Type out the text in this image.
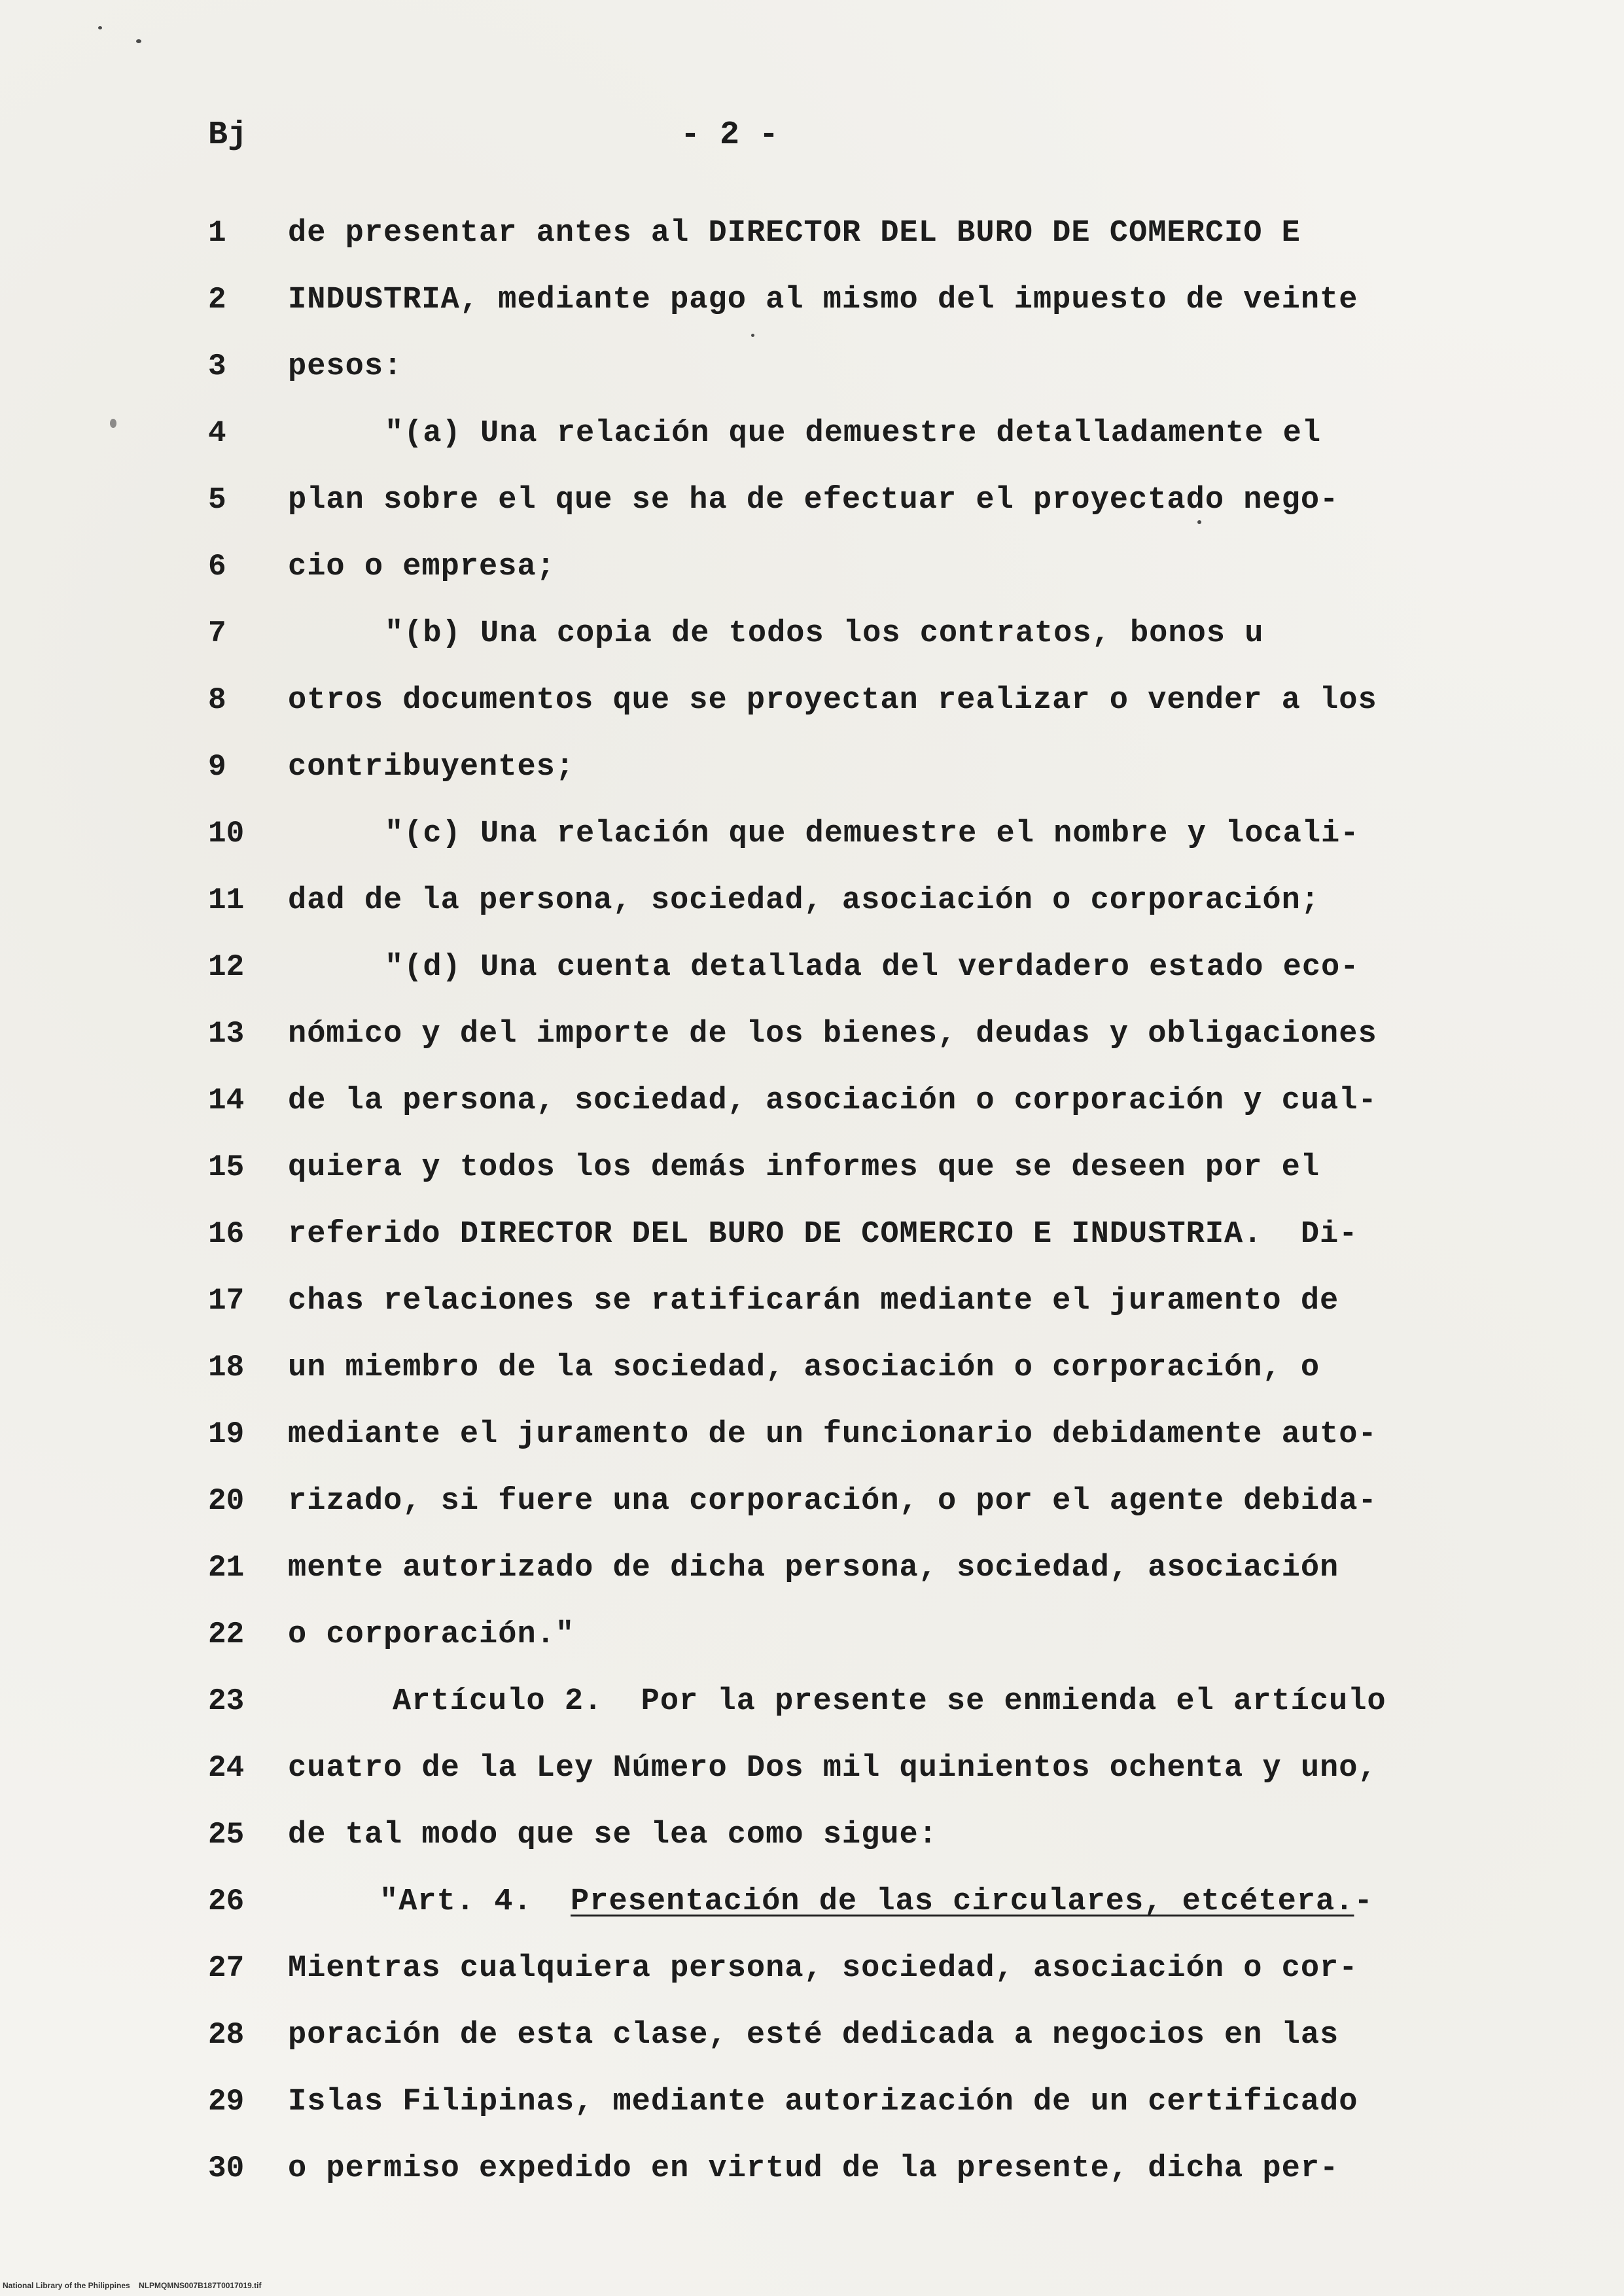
Bj	- 2 -
1	de presentar antes al DIRECTOR DEL BURO DE COMERCIO E
2	INDUSTRIA, mediante pago al mismo del impuesto de veinte
3	pesos:
4	"(a) Una relación que demuestre detalladamente el
5	plan sobre el que se ha de efectuar el proyectado nego-
6	cio o empresa;
7	"(b) Una copia de todos los contratos, bonos u
8	otros documentos que se proyectan realizar o vender a los
9	contribuyentes;
10	"(c) Una relación que demuestre el nombre y locali-
11	dad de la persona, sociedad, asociación o corporación;
12	"(d) Una cuenta detallada del verdadero estado eco-
13	nómico y del importe de los bienes, deudas y obligaciones
14	de la persona, sociedad, asociación o corporación y cual-
15	quiera y todos los demás informes que se deseen por el
16	referido DIRECTOR DEL BURO DE COMERCIO E INDUSTRIA.  Di-
17	chas relaciones se ratificarán mediante el juramento de
18	un miembro de la sociedad, asociación o corporación, o
19	mediante el juramento de un funcionario debidamente auto-
20	rizado, si fuere una corporación, o por el agente debida-
21	mente autorizado de dicha persona, sociedad, asociación
22	o corporación."
23	Artículo 2.  Por la presente se enmienda el artículo
24	cuatro de la Ley Número Dos mil quinientos ochenta y uno,
25	de tal modo que se lea como sigue:
26	"Art. 4.  Presentación de las circulares, etcétera.-
27	Mientras cualquiera persona, sociedad, asociación o cor-
28	poración de esta clase, esté dedicada a negocios en las
29	Islas Filipinas, mediante autorización de un certificado
30	o permiso expedido en virtud de la presente, dicha per-
National Library of the Philippines NLPMQMNS007B187T0017019.tif
